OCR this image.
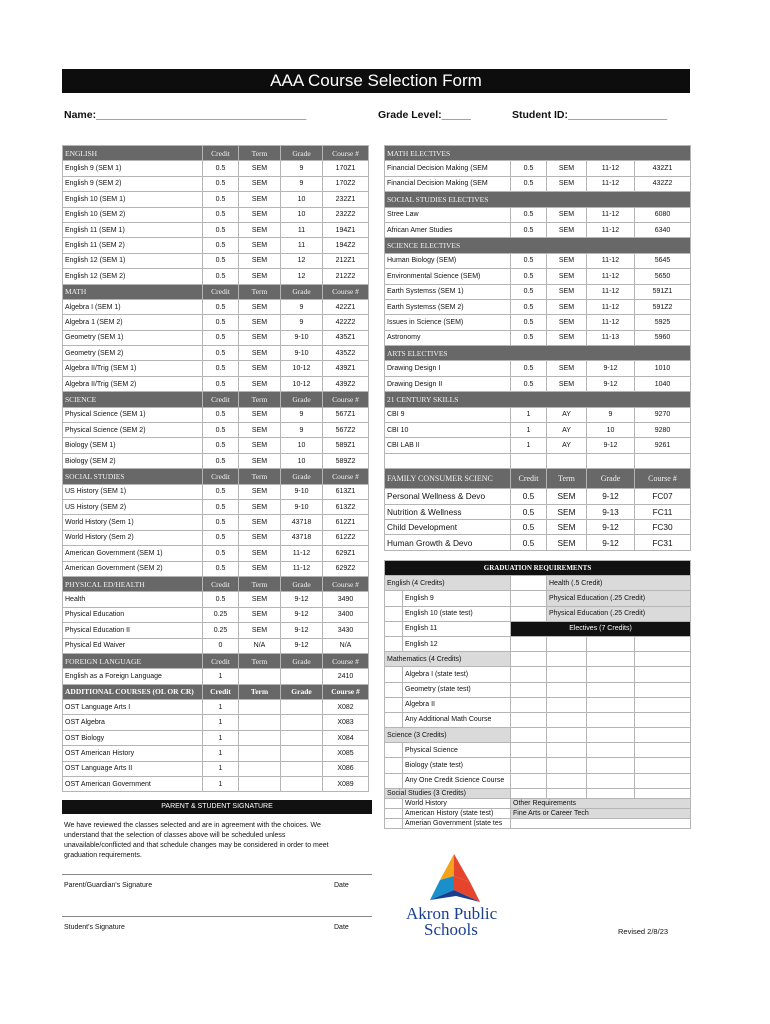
AAA Course Selection Form
Name:____________________________________	Grade Level:_____	Student ID:_________________
ENGLISH	Credit	Term	Grade	Course #
English 9 (SEM 1)	0.5	SEM	9	170Z1
English 9 (SEM 2)	0.5	SEM	9	170Z2
English 10 (SEM 1)	0.5	SEM	10	232Z1
English 10 (SEM 2)	0.5	SEM	10	232Z2
English 11 (SEM 1)	0.5	SEM	11	194Z1
English 11 (SEM 2)	0.5	SEM	11	194Z2
English 12 (SEM 1)	0.5	SEM	12	212Z1
English 12 (SEM 2)	0.5	SEM	12	212Z2
MATH	Credit	Term	Grade	Course #
Algebra I (SEM 1)	0.5	SEM	9	422Z1
Algebra 1 (SEM 2)	0.5	SEM	9	422Z2
Geometry (SEM 1)	0.5	SEM	9-10	435Z1
Geometry (SEM 2)	0.5	SEM	9-10	435Z2
Algebra II/Trig (SEM 1)	0.5	SEM	10-12	439Z1
Algebra II/Trig (SEM 2)	0.5	SEM	10-12	439Z2
SCIENCE	Credit	Term	Grade	Course #
Physical Science (SEM 1)	0.5	SEM	9	567Z1
Physical Science (SEM 2)	0.5	SEM	9	567Z2
Biology (SEM 1)	0.5	SEM	10	589Z1
Biology (SEM 2)	0.5	SEM	10	589Z2
SOCIAL STUDIES	Credit	Term	Grade	Course #
US History (SEM 1)	0.5	SEM	9-10	613Z1
US History (SEM 2)	0.5	SEM	9-10	613Z2
World History (Sem 1)	0.5	SEM	43718	612Z1
World History (Sem 2)	0.5	SEM	43718	612Z2
American Government (SEM 1)	0.5	SEM	11-12	629Z1
American Government (SEM 2)	0.5	SEM	11-12	629Z2
PHYSICAL ED/HEALTH	Credit	Term	Grade	Course #
Health	0.5	SEM	9-12	3490
Physical Education	0.25	SEM	9-12	3400
Physical Education II	0.25	SEM	9-12	3430
Physical Ed Waiver	0	N/A	9-12	N/A
FOREIGN LANGUAGE	Credit	Term	Grade	Course #
English as a Foreign Language	1			2410
ADDITIONAL COURSES (OL OR CR)	Credit	Term	Grade	Course #
OST Language Arts I	1			X082
OST Algebra	1			X083
OST Biology	1			X084
OST American History	1			X085
OST Language Arts II	1			X086
OST American Government	1			X089
MATH ELECTIVES				
Financial Decision Making (SEM	0.5	SEM	11-12	432Z1
Financial Decision Making (SEM	0.5	SEM	11-12	432Z2
SOCIAL STUDIES ELECTIVES				
Stree Law	0.5	SEM	11-12	6080
African Amer Studies	0.5	SEM	11-12	6340
SCIENCE ELECTIVES				
Human Biology (SEM)	0.5	SEM	11-12	5645
Environmental Science (SEM)	0.5	SEM	11-12	5650
Earth Systemss (SEM 1)	0.5	SEM	11-12	591Z1
Earth Systemss (SEM 2)	0.5	SEM	11-12	591Z2
Issues in Science (SEM)	0.5	SEM	11-12	5925
Astronomy	0.5	SEM	11-13	5960
ARTS ELECTIVES				
Drawing Design I	0.5	SEM	9-12	1010
Drawing Design II	0.5	SEM	9-12	1040
21 CENTURY SKILLS				
CBI 9	1	AY	9	9270
CBI 10	1	AY	10	9280
CBI LAB II	1	AY	9-12	9261

FAMILY CONSUMER SCIENC	Credit	Term	Grade	Course #
Personal Wellness & Devo	0.5	SEM	9-12	FC07
Nutrition & Wellness	0.5	SEM	9-13	FC11
Child Development	0.5	SEM	9-12	FC30
Human Growth & Devo	0.5	SEM	9-12	FC31
GRADUATION REQUIREMENTS					
English (4 Credits)			Health (.5 Credit)		
	English 9		Physical Education (.25 Credit)		
	English 10 (state test)		Physical Education (.25 Credit)		
	English 11	Electives (7 Credits)			
	English 12				
Mathematics (4 Credits)					
	Algebra I (state test)				
	Geometry (state test)				
	Algebra II				
	Any Additional Math Course				
Science (3 Credits)					
	Physical Science				
	Biology (state test)				
	Any One Credit Science Course				
Social Studies (3 Credits)					
	World History	Other Requirements			
	American History (state test)	Fine Arts or Career Tech			
	Amerian Government (state tes				
PARENT & STUDENT SIGNATURE
We have reviewed the classes selected and are in agreement with the choices. We
understand that the selection of classes above will be scheduled unless
unavailable/conflicted and that schedule changes may be considered in order to meet
graduation requirements.
Parent/Guardian's Signature	Date
Student's Signature	Date
Akron Public
Schools	Revised 2/8/23
